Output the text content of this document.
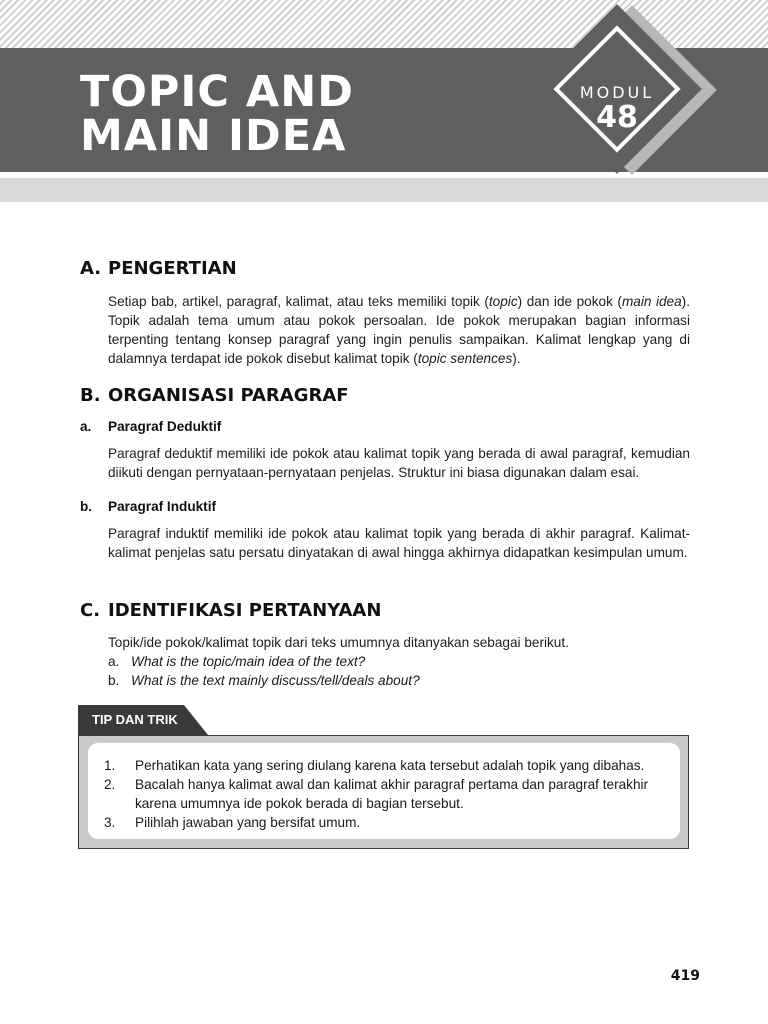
TOPIC AND
MAIN IDEA
MODUL
48
A. PENGERTIAN

Setiap bab, artikel, paragraf, kalimat, atau teks memiliki topik (topic) dan ide pokok (main idea). Topik adalah tema umum atau pokok persoalan. Ide pokok merupakan bagian informasi terpenting tentang konsep paragraf yang ingin penulis sampaikan. Kalimat lengkap yang di dalamnya terdapat ide pokok disebut kalimat topik (topic sentences).

B. ORGANISASI PARAGRAF
a. Paragraf Deduktif

Paragraf deduktif memiliki ide pokok atau kalimat topik yang berada di awal paragraf, kemudian diikuti dengan pernyataan-pernyataan penjelas. Struktur ini biasa digunakan dalam esai.

b. Paragraf Induktif

Paragraf induktif memiliki ide pokok atau kalimat topik yang berada di akhir paragraf. Kalimat-kalimat penjelas satu persatu dinyatakan di awal hingga akhirnya didapatkan kesimpulan umum.

C. IDENTIFIKASI PERTANYAAN

Topik/ide pokok/kalimat topik dari teks umumnya ditanyakan sebagai berikut.

a. What is the topic/main idea of the text?
b. What is the text mainly discuss/tell/deals about?
TIP DAN TRIK
1.	Perhatikan kata yang sering diulang karena kata tersebut adalah topik yang dibahas.
2.	Bacalah hanya kalimat awal dan kalimat akhir paragraf pertama dan paragraf terakhir karena umumnya ide pokok berada di bagian tersebut.
3.	Pilihlah jawaban yang bersifat umum.
419
